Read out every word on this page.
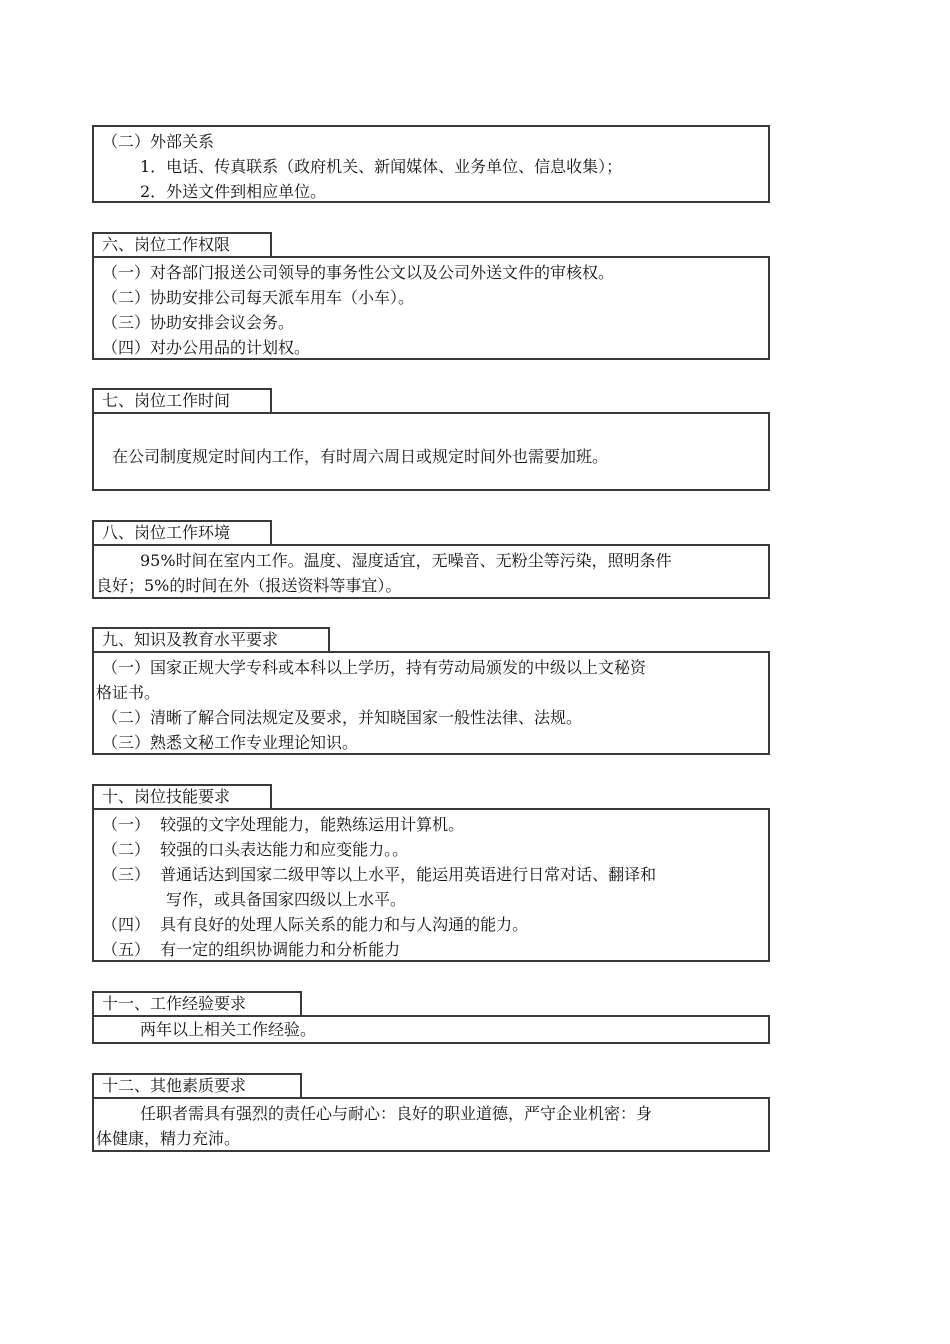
（二）外部关系

1．电话、传真联系（政府机关、新闻媒体、业务单位、信息收集）；

2．外送文件到相应单位。

（一）对各部门报送公司领导的事务性公文以及公司外送文件的审核权。

（二）协助安排公司每天派车用车（小车）。

（三）协助安排会议会务。

（四）对办公用品的计划权。

六、岗位工作权限

在公司制度规定时间内工作，有时周六周日或规定时间外也需要加班。

七、岗位工作时间

95%时间在室内工作。温度、湿度适宜，无噪音、无粉尘等污染，照明条件

良好；5%的时间在外（报送资料等事宜）。

八、岗位工作环境

（一）国家正规大学专科或本科以上学历，持有劳动局颁发的中级以上文秘资

格证书。

（二）清晰了解合同法规定及要求，并知晓国家一般性法律、法规。

（三）熟悉文秘工作专业理论知识。

九、知识及教育水平要求

（一）  较强的文字处理能力，能熟练运用计算机。

（二）  较强的口头表达能力和应变能力。。

（三）  普通话达到国家二级甲等以上水平，能运用英语进行日常对话、翻译和

写作，或具备国家四级以上水平。

（四）  具有良好的处理人际关系的能力和与人沟通的能力。

（五）  有一定的组织协调能力和分析能力

十、岗位技能要求

两年以上相关工作经验。

十一、工作经验要求

任职者需具有强烈的责任心与耐心：良好的职业道德，严守企业机密：身

体健康，精力充沛。

十二、其他素质要求
